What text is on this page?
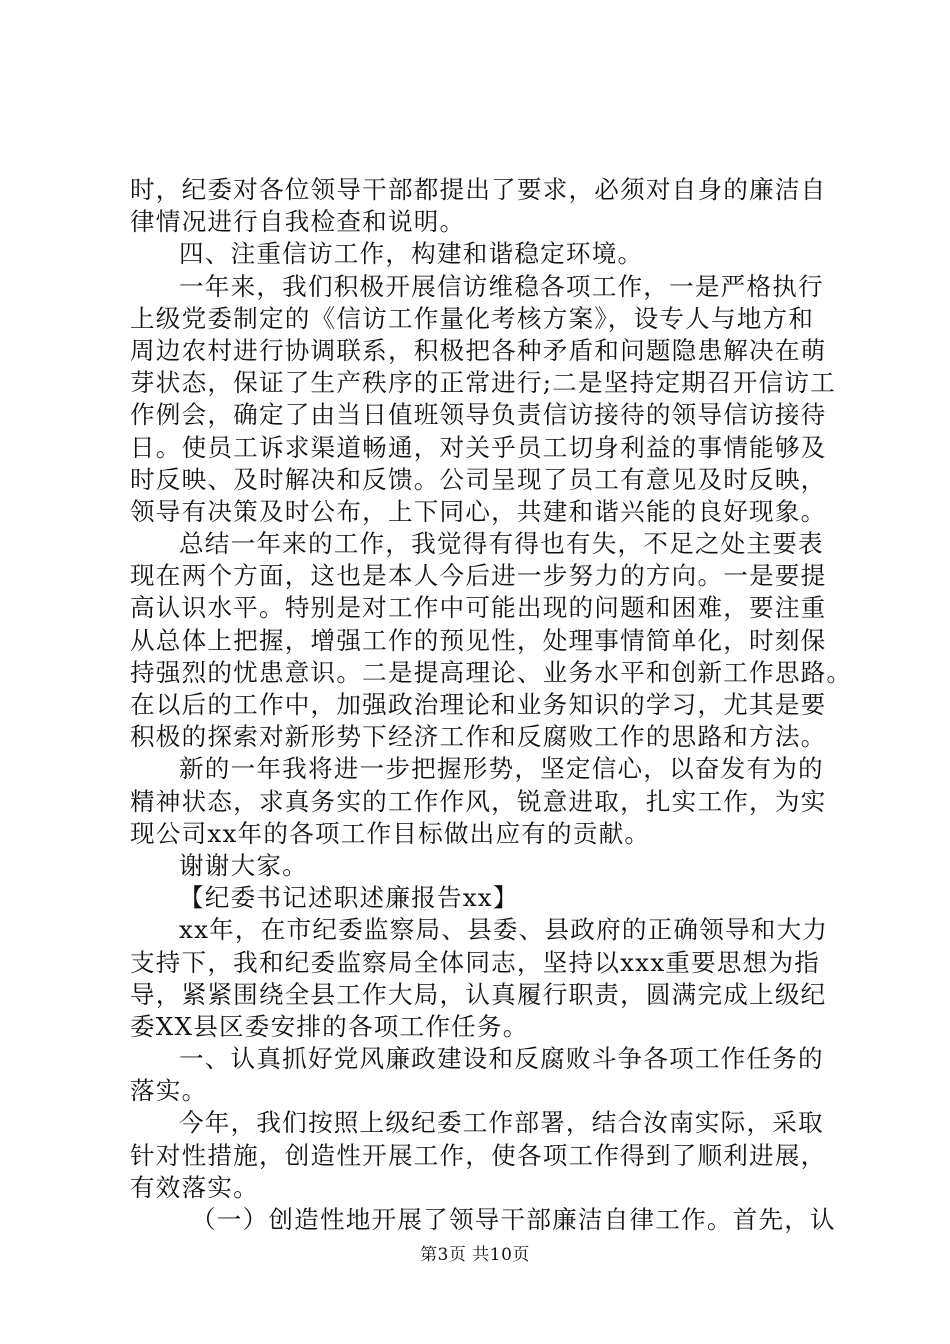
时，纪委对各位领导干部都提出了要求，必须对自身的廉洁自
律情况进行自我检查和说明。
四、注重信访工作，构建和谐稳定环境。
一年来，我们积极开展信访维稳各项工作，一是严格执行
上级党委制定的《信访工作量化考核方案》，设专人与地方和
周边农村进行协调联系，积极把各种矛盾和问题隐患解决在萌
芽状态，保证了生产秩序的正常进行;二是坚持定期召开信访工
作例会，确定了由当日值班领导负责信访接待的领导信访接待
日。使员工诉求渠道畅通，对关乎员工切身利益的事情能够及
时反映、及时解决和反馈。公司呈现了员工有意见及时反映，
领导有决策及时公布，上下同心，共建和谐兴能的良好现象。
总结一年来的工作，我觉得有得也有失，不足之处主要表
现在两个方面，这也是本人今后进一步努力的方向。一是要提
高认识水平。特别是对工作中可能出现的问题和困难，要注重
从总体上把握，增强工作的预见性，处理事情简单化，时刻保
持强烈的忧患意识。二是提高理论、业务水平和创新工作思路。
在以后的工作中，加强政治理论和业务知识的学习，尤其是要
积极的探索对新形势下经济工作和反腐败工作的思路和方法。
新的一年我将进一步把握形势，坚定信心，以奋发有为的
精神状态，求真务实的工作作风，锐意进取，扎实工作，为实
现公司xx年的各项工作目标做出应有的贡献。
谢谢大家。
【纪委书记述职述廉报告xx】
xx年，在市纪委监察局、县委、县政府的正确领导和大力
支持下，我和纪委监察局全体同志，坚持以xxx重要思想为指
导，紧紧围绕全县工作大局，认真履行职责，圆满完成上级纪
委XX县区委安排的各项工作任务。
一、认真抓好党风廉政建设和反腐败斗争各项工作任务的
落实。
今年，我们按照上级纪委工作部署，结合汝南实际，采取
针对性措施，创造性开展工作，使各项工作得到了顺利进展，
有效落实。
（一）创造性地开展了领导干部廉洁自律工作。首先，认
第3页 共10页
